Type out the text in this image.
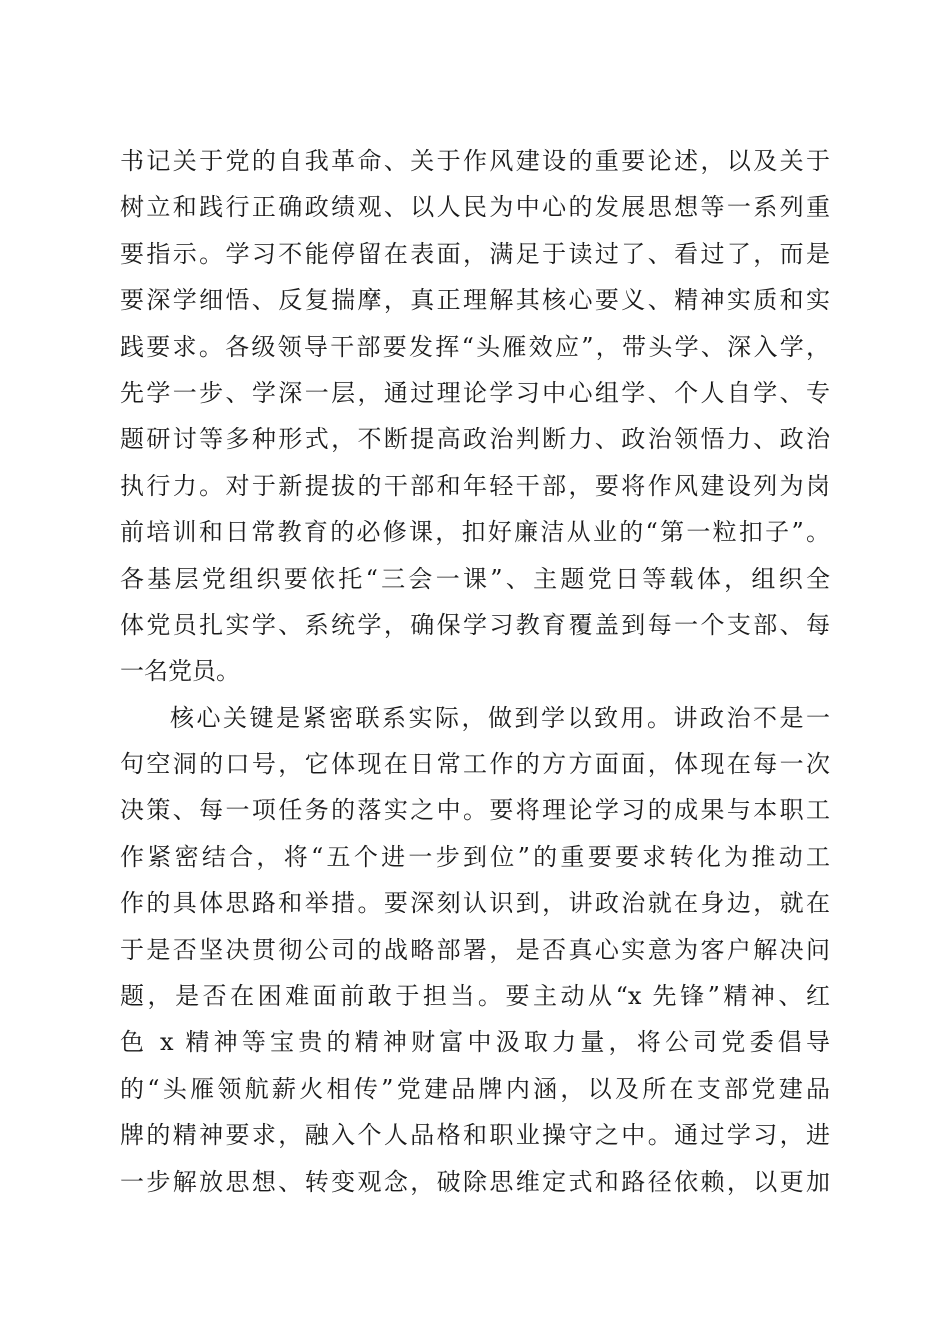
书记关于党的自我革命、关于作风建设的重要论述，以及关于
树立和践行正确政绩观、以人民为中心的发展思想等一系列重
要指示。学习不能停留在表面，满足于读过了、看过了，而是
要深学细悟、反复揣摩，真正理解其核心要义、精神实质和实
践要求。各级领导干部要发挥“头雁效应”，带头学、深入学，
先学一步、学深一层，通过理论学习中心组学、个人自学、专
题研讨等多种形式，不断提高政治判断力、政治领悟力、政治
执行力。对于新提拔的干部和年轻干部，要将作风建设列为岗
前培训和日常教育的必修课，扣好廉洁从业的“第一粒扣子”。
各基层党组织要依托“三会一课”、主题党日等载体，组织全
体党员扎实学、系统学，确保学习教育覆盖到每一个支部、每
一名党员。
核心关键是紧密联系实际，做到学以致用。讲政治不是一
句空洞的口号，它体现在日常工作的方方面面，体现在每一次
决策、每一项任务的落实之中。要将理论学习的成果与本职工
作紧密结合，将“五个进一步到位”的重要要求转化为推动工
作的具体思路和举措。要深刻认识到，讲政治就在身边，就在
于是否坚决贯彻公司的战略部署，是否真心实意为客户解决问
题，是否在困难面前敢于担当。要主动从“x 先锋”精神、红
色 x 精神等宝贵的精神财富中汲取力量，将公司党委倡导
的“头雁领航薪火相传”党建品牌内涵，以及所在支部党建品
牌的精神要求，融入个人品格和职业操守之中。通过学习，进
一步解放思想、转变观念，破除思维定式和路径依赖，以更加
